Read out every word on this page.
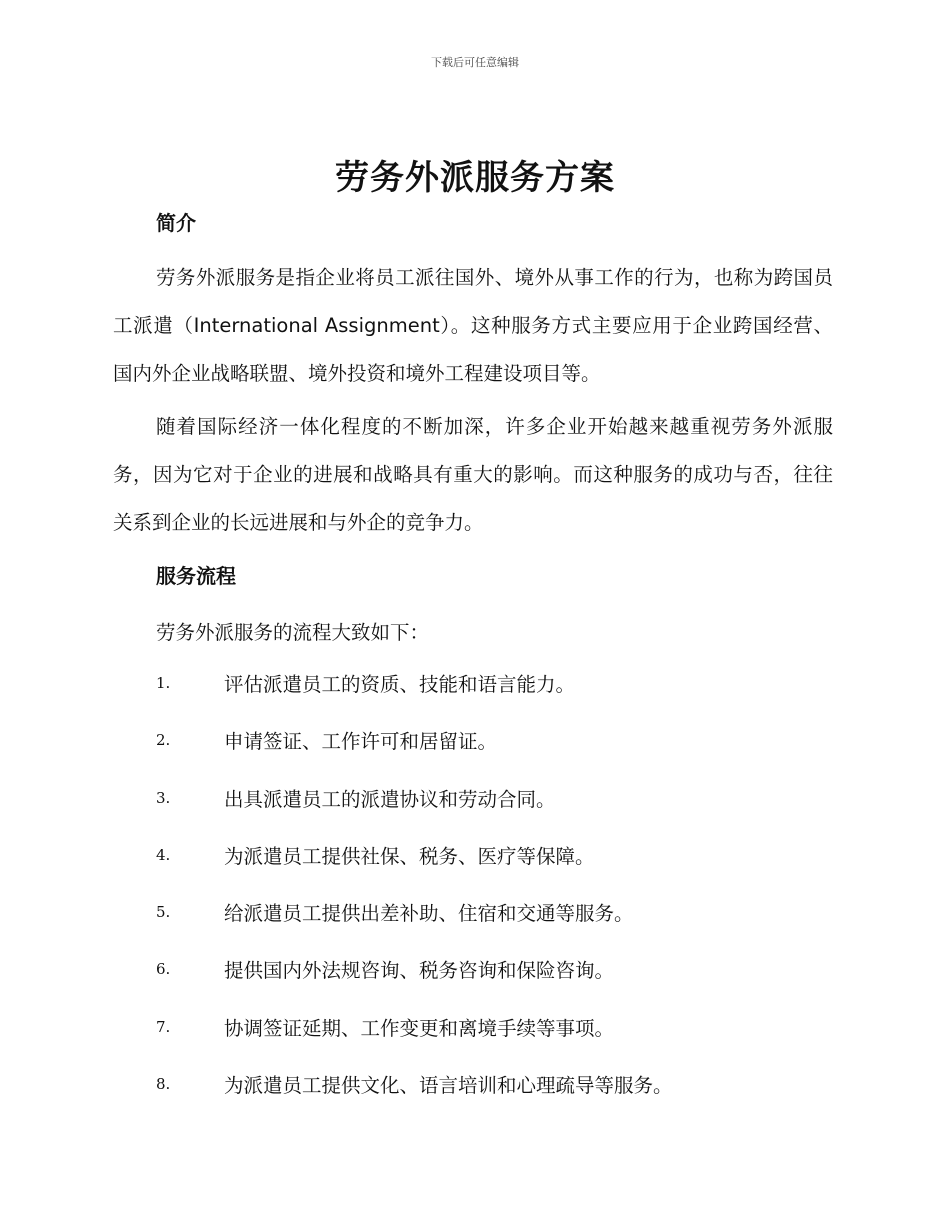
下载后可任意编辑
劳务外派服务方案
简介

劳务外派服务是指企业将员工派往国外、境外从事工作的行为，也称为跨国员工派遣（International Assignment）。这种服务方式主要应用于企业跨国经营、国内外企业战略联盟、境外投资和境外工程建设项目等。

随着国际经济一体化程度的不断加深，许多企业开始越来越重视劳务外派服务，因为它对于企业的进展和战略具有重大的影响。而这种服务的成功与否，往往关系到企业的长远进展和与外企的竞争力。

服务流程

劳务外派服务的流程大致如下：

1.	评估派遣员工的资质、技能和语言能力。
2.	申请签证、工作许可和居留证。
3.	出具派遣员工的派遣协议和劳动合同。
4.	为派遣员工提供社保、税务、医疗等保障。
5.	给派遣员工提供出差补助、住宿和交通等服务。
6.	提供国内外法规咨询、税务咨询和保险咨询。
7.	协调签证延期、工作变更和离境手续等事项。
8.	为派遣员工提供文化、语言培训和心理疏导等服务。
